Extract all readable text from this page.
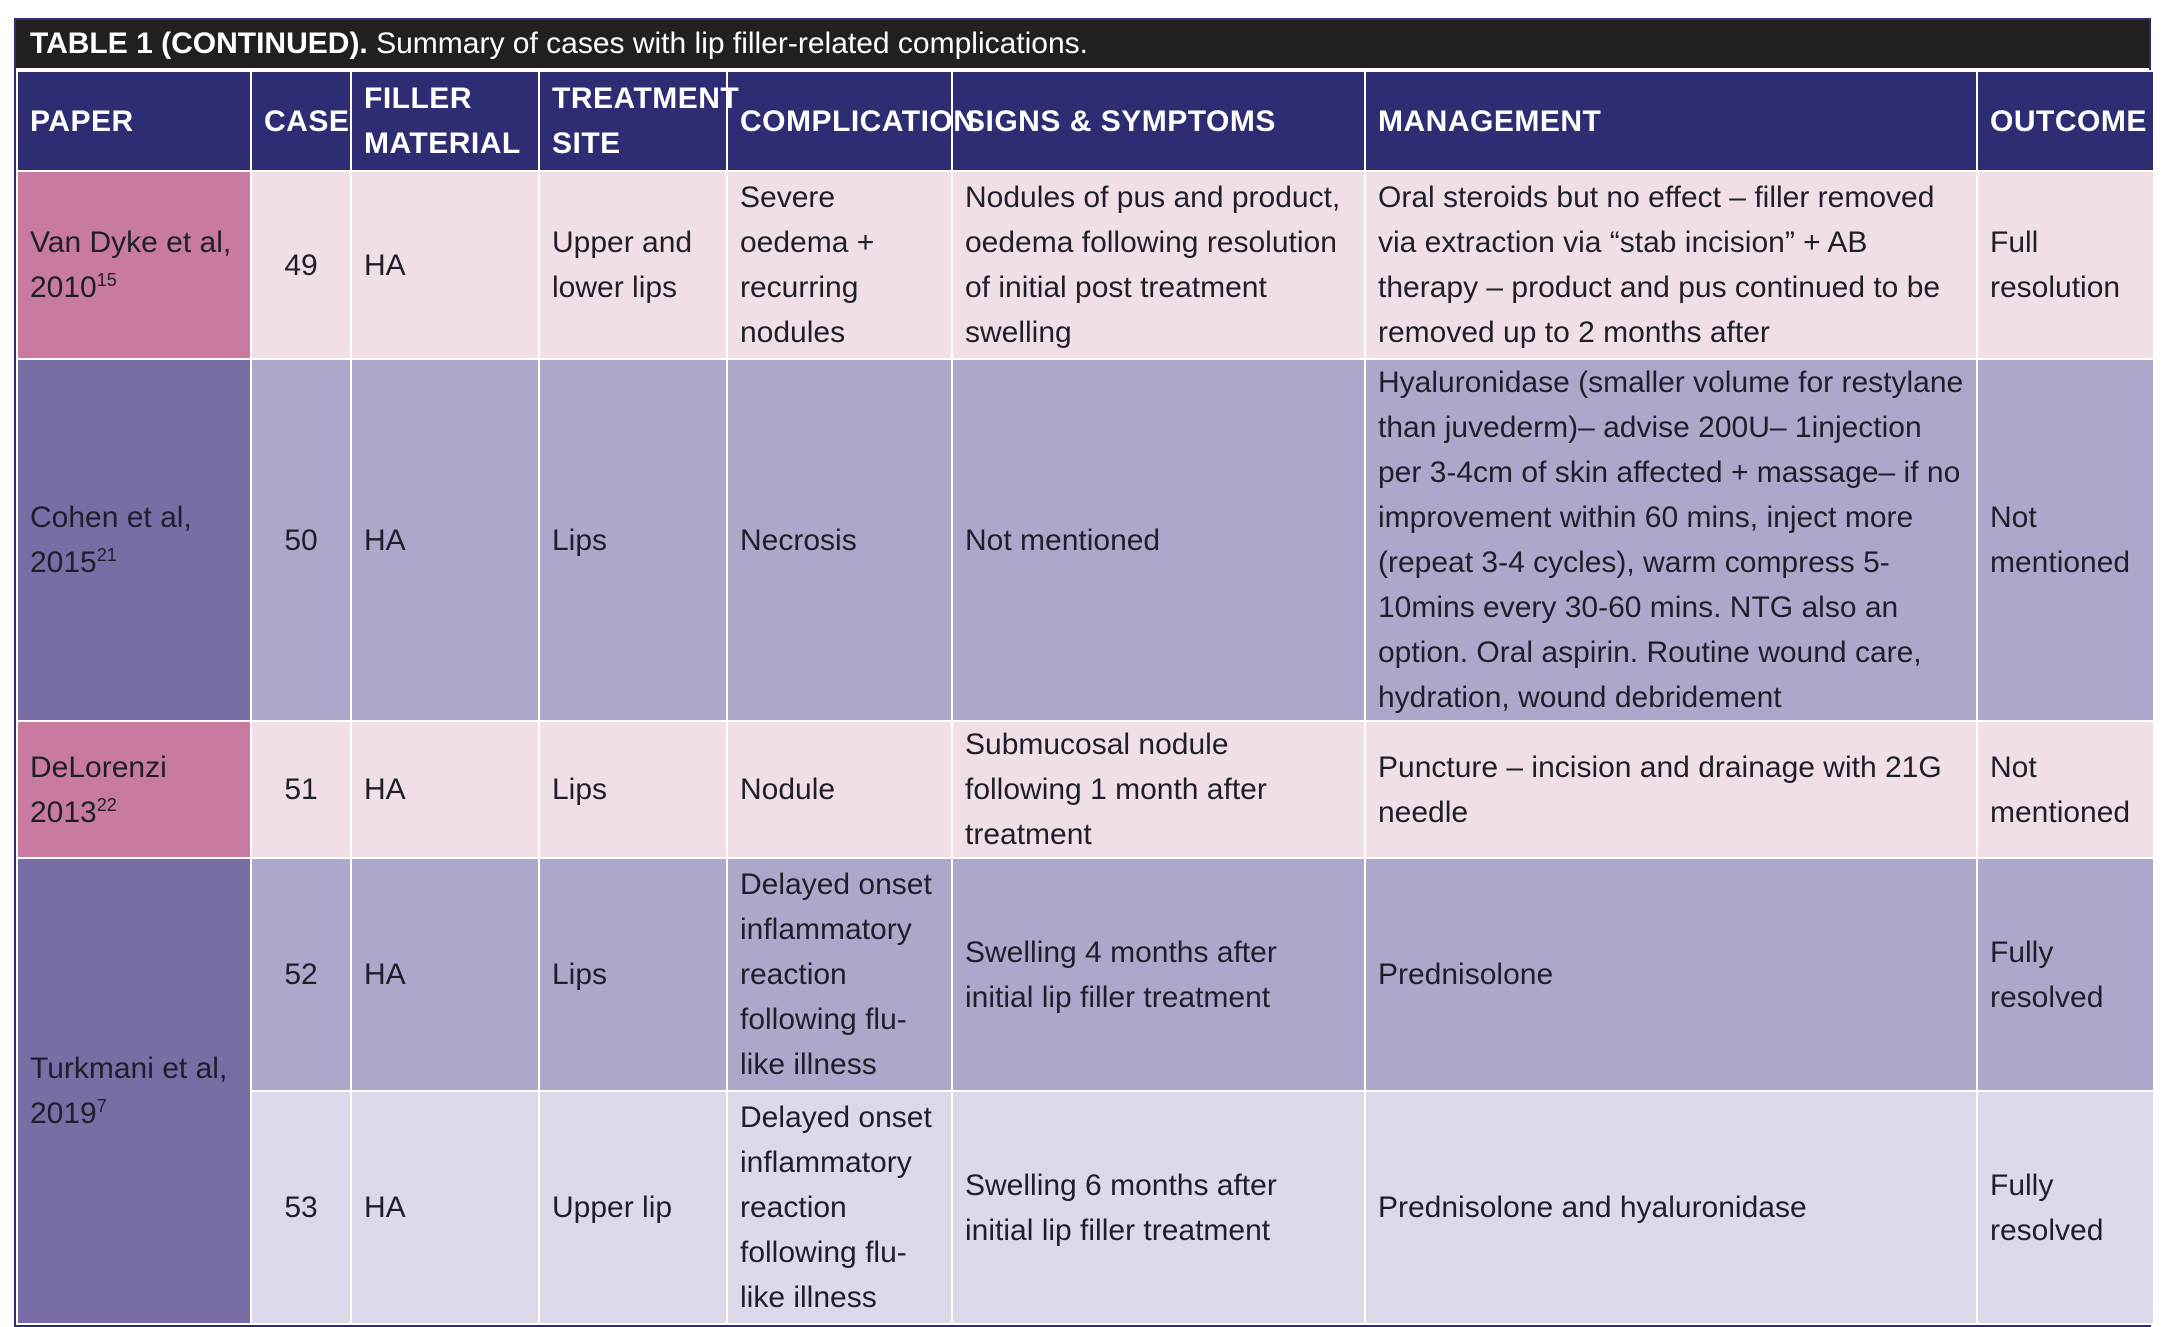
TABLE 1 (CONTINUED). Summary of cases with lip filler-related complications.
PAPER	CASE	FILLER MATERIAL	TREATMENT SITE	COMPLICATION	SIGNS & SYMPTOMS	MANAGEMENT	OUTCOME
Van Dyke et al, 2010$^{15}$	49	HA	Upper and lower lips	Severe oedema + recurring nodules	Nodules of pus and product, oedema following resolution of initial post treatment swelling	Oral steroids but no effect – filler removed via extraction via “stab incision” + AB therapy – product and pus continued to be removed up to 2 months after	Full resolution
Cohen et al, 2015$^{21}$	50	HA	Lips	Necrosis	Not mentioned	Hyaluronidase (smaller volume for restylane than juvederm)– advise 200U– 1injection per 3-4cm of skin affected + massage– if no improvement within 60 mins, inject more (repeat 3-4 cycles), warm compress 5-10mins every 30-60 mins. NTG also an option. Oral aspirin. Routine wound care, hydration, wound debridement	Not mentioned
DeLorenzi 2013$^{22}$	51	HA	Lips	Nodule	Submucosal nodule following 1 month after treatment	Puncture – incision and drainage with 21G needle	Not mentioned
Turkmani et al, 2019$^7$	52	HA	Lips	Delayed onset inflammatory reaction following flu-like illness	Swelling 4 months after initial lip filler treatment	Prednisolone	Fully resolved
	53	HA	Upper lip	Delayed onset inflammatory reaction following flu-like illness	Swelling 6 months after initial lip filler treatment	Prednisolone and hyaluronidase	Fully resolved
